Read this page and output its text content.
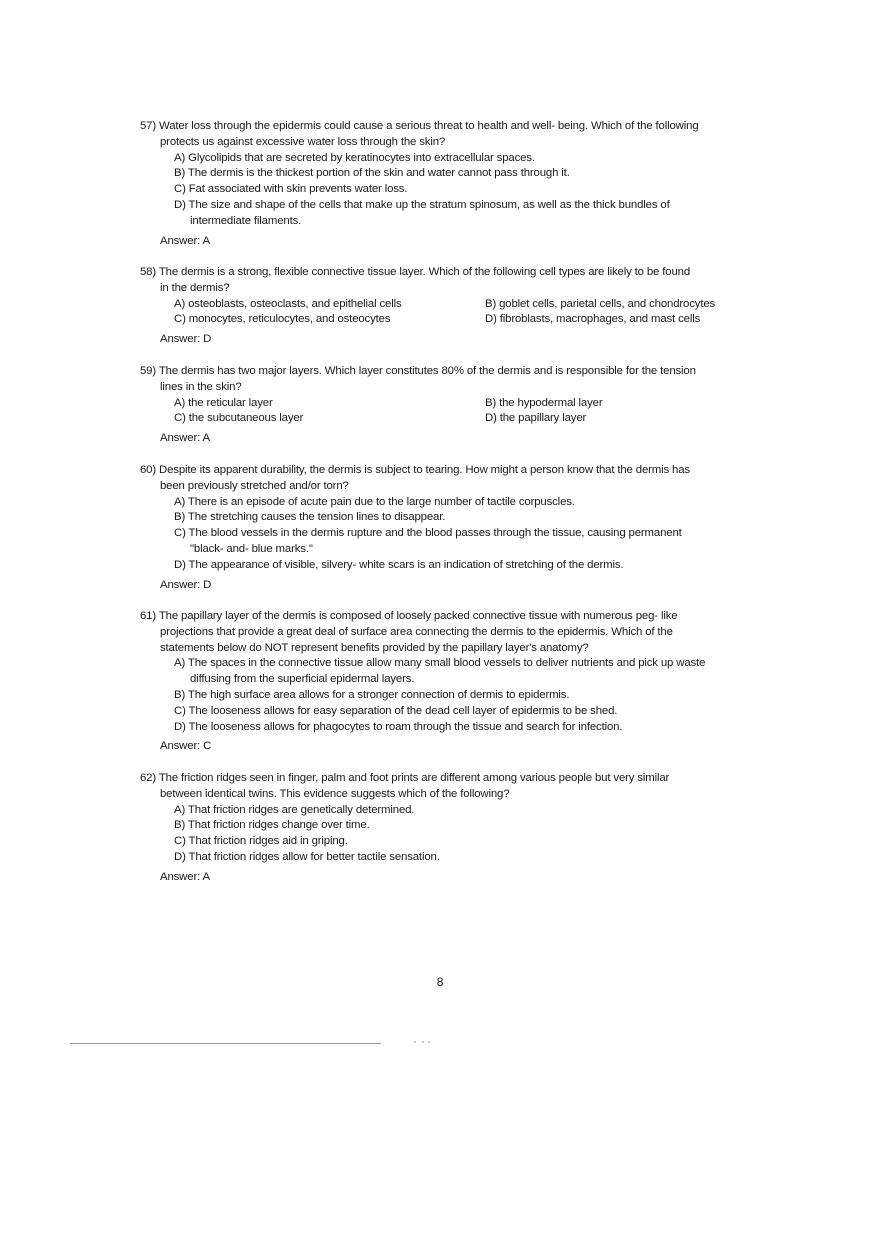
57) Water loss through the epidermis could cause a serious threat to health and well- being. Which of the following
protects us against excessive water loss through the skin?
A) Glycolipids that are secreted by keratinocytes into extracellular spaces.
B) The dermis is the thickest portion of the skin and water cannot pass through it.
C) Fat associated with skin prevents water loss.
D) The size and shape of the cells that make up the stratum spinosum, as well as the thick bundles of
intermediate filaments.
Answer: A
58) The dermis is a strong, flexible connective tissue layer. Which of the following cell types are likely to be found
in the dermis?
A) osteoblasts, osteoclasts, and epithelial cells	B) goblet cells, parietal cells, and chondrocytes
C) monocytes, reticulocytes, and osteocytes	D) fibroblasts, macrophages, and mast cells
Answer: D
59) The dermis has two major layers. Which layer constitutes 80% of the dermis and is responsible for the tension
lines in the skin?
A) the reticular layer	B) the hypodermal layer
C) the subcutaneous layer	D) the papillary layer
Answer: A
60) Despite its apparent durability, the dermis is subject to tearing. How might a person know that the dermis has
been previously stretched and/or torn?
A) There is an episode of acute pain due to the large number of tactile corpuscles.
B) The stretching causes the tension lines to disappear.
C) The blood vessels in the dermis rupture and the blood passes through the tissue, causing permanent
"black- and- blue marks."
D) The appearance of visible, silvery- white scars is an indication of stretching of the dermis.
Answer: D
61) The papillary layer of the dermis is composed of loosely packed connective tissue with numerous peg- like
projections that provide a great deal of surface area connecting the dermis to the epidermis. Which of the
statements below do NOT represent benefits provided by the papillary layer's anatomy?
A) The spaces in the connective tissue allow many small blood vessels to deliver nutrients and pick up waste
diffusing from the superficial epidermal layers.
B) The high surface area allows for a stronger connection of dermis to epidermis.
C) The looseness allows for easy separation of the dead cell layer of epidermis to be shed.
D) The looseness allows for phagocytes to roam through the tissue and search for infection.
Answer: C
62) The friction ridges seen in finger, palm and foot prints are different among various people but very similar
between identical twins. This evidence suggests which of the following?
A) That friction ridges are genetically determined.
B) That friction ridges change over time.
C) That friction ridges aid in griping.
D) That friction ridges allow for better tactile sensation.
Answer: A
8
